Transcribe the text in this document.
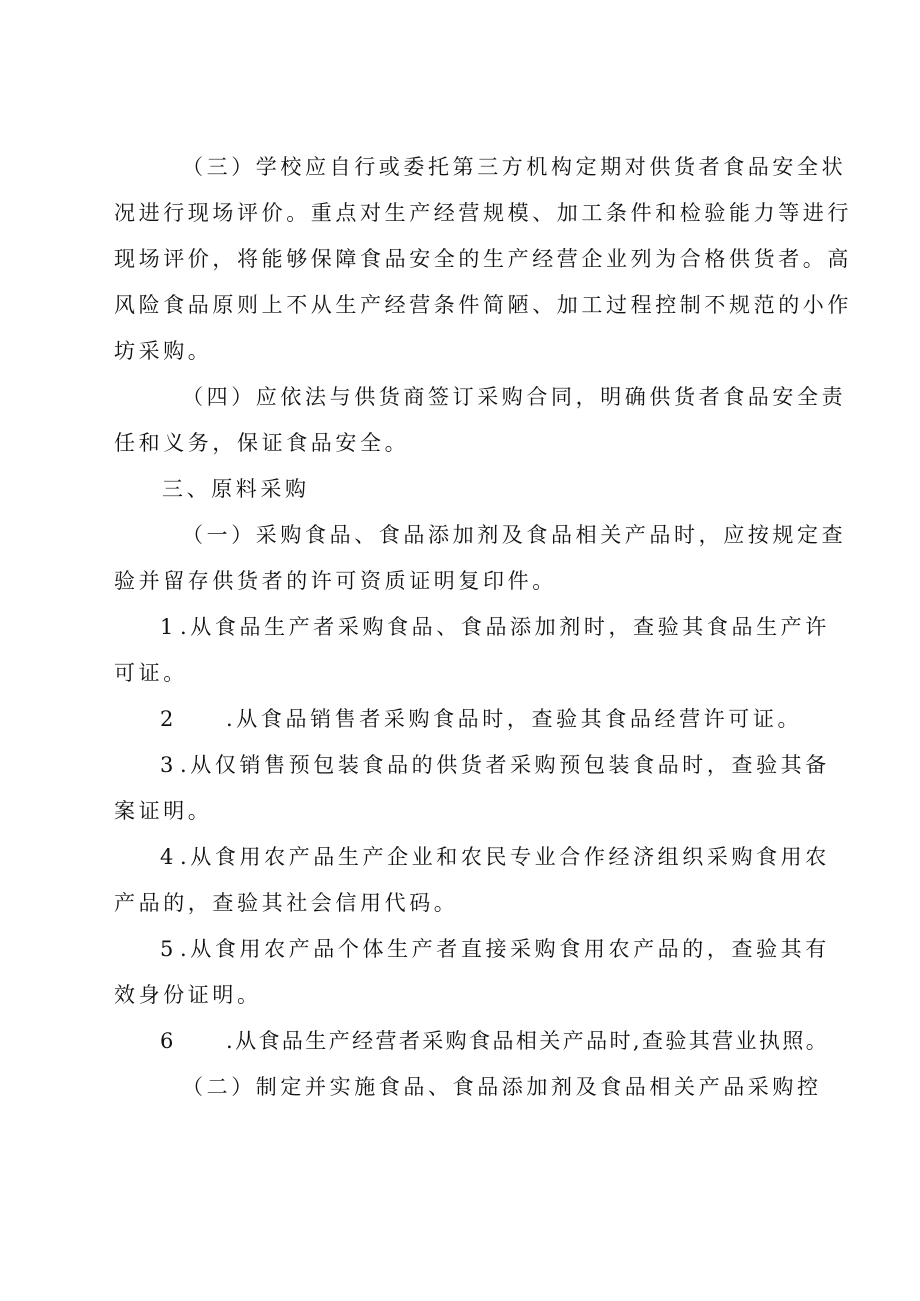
（三）学校应自行或委托第三方机构定期对供货者食品安全状
况进行现场评价。重点对生产经营规模、加工条件和检验能力等进行
现场评价，将能够保障食品安全的生产经营企业列为合格供货者。高
风险食品原则上不从生产经营条件简陋、加工过程控制不规范的小作
坊采购。
（四）应依法与供货商签订采购合同，明确供货者食品安全责
任和义务，保证食品安全。
三、原料采购
（一）采购食品、食品添加剂及食品相关产品时，应按规定查
验并留存供货者的许可资质证明复印件。
1 .从食品生产者采购食品、食品添加剂时，查验其食品生产许
可证。
2	.从食品销售者采购食品时，查验其食品经营许可证。
3 .从仅销售预包装食品的供货者采购预包装食品时，查验其备
案证明。
4 .从食用农产品生产企业和农民专业合作经济组织采购食用农
产品的，查验其社会信用代码。
5 .从食用农产品个体生产者直接采购食用农产品的，查验其有
效身份证明。
6	.从食品生产经营者采购食品相关产品时,查验其营业执照。
（二）制定并实施食品、食品添加剂及食品相关产品采购控
